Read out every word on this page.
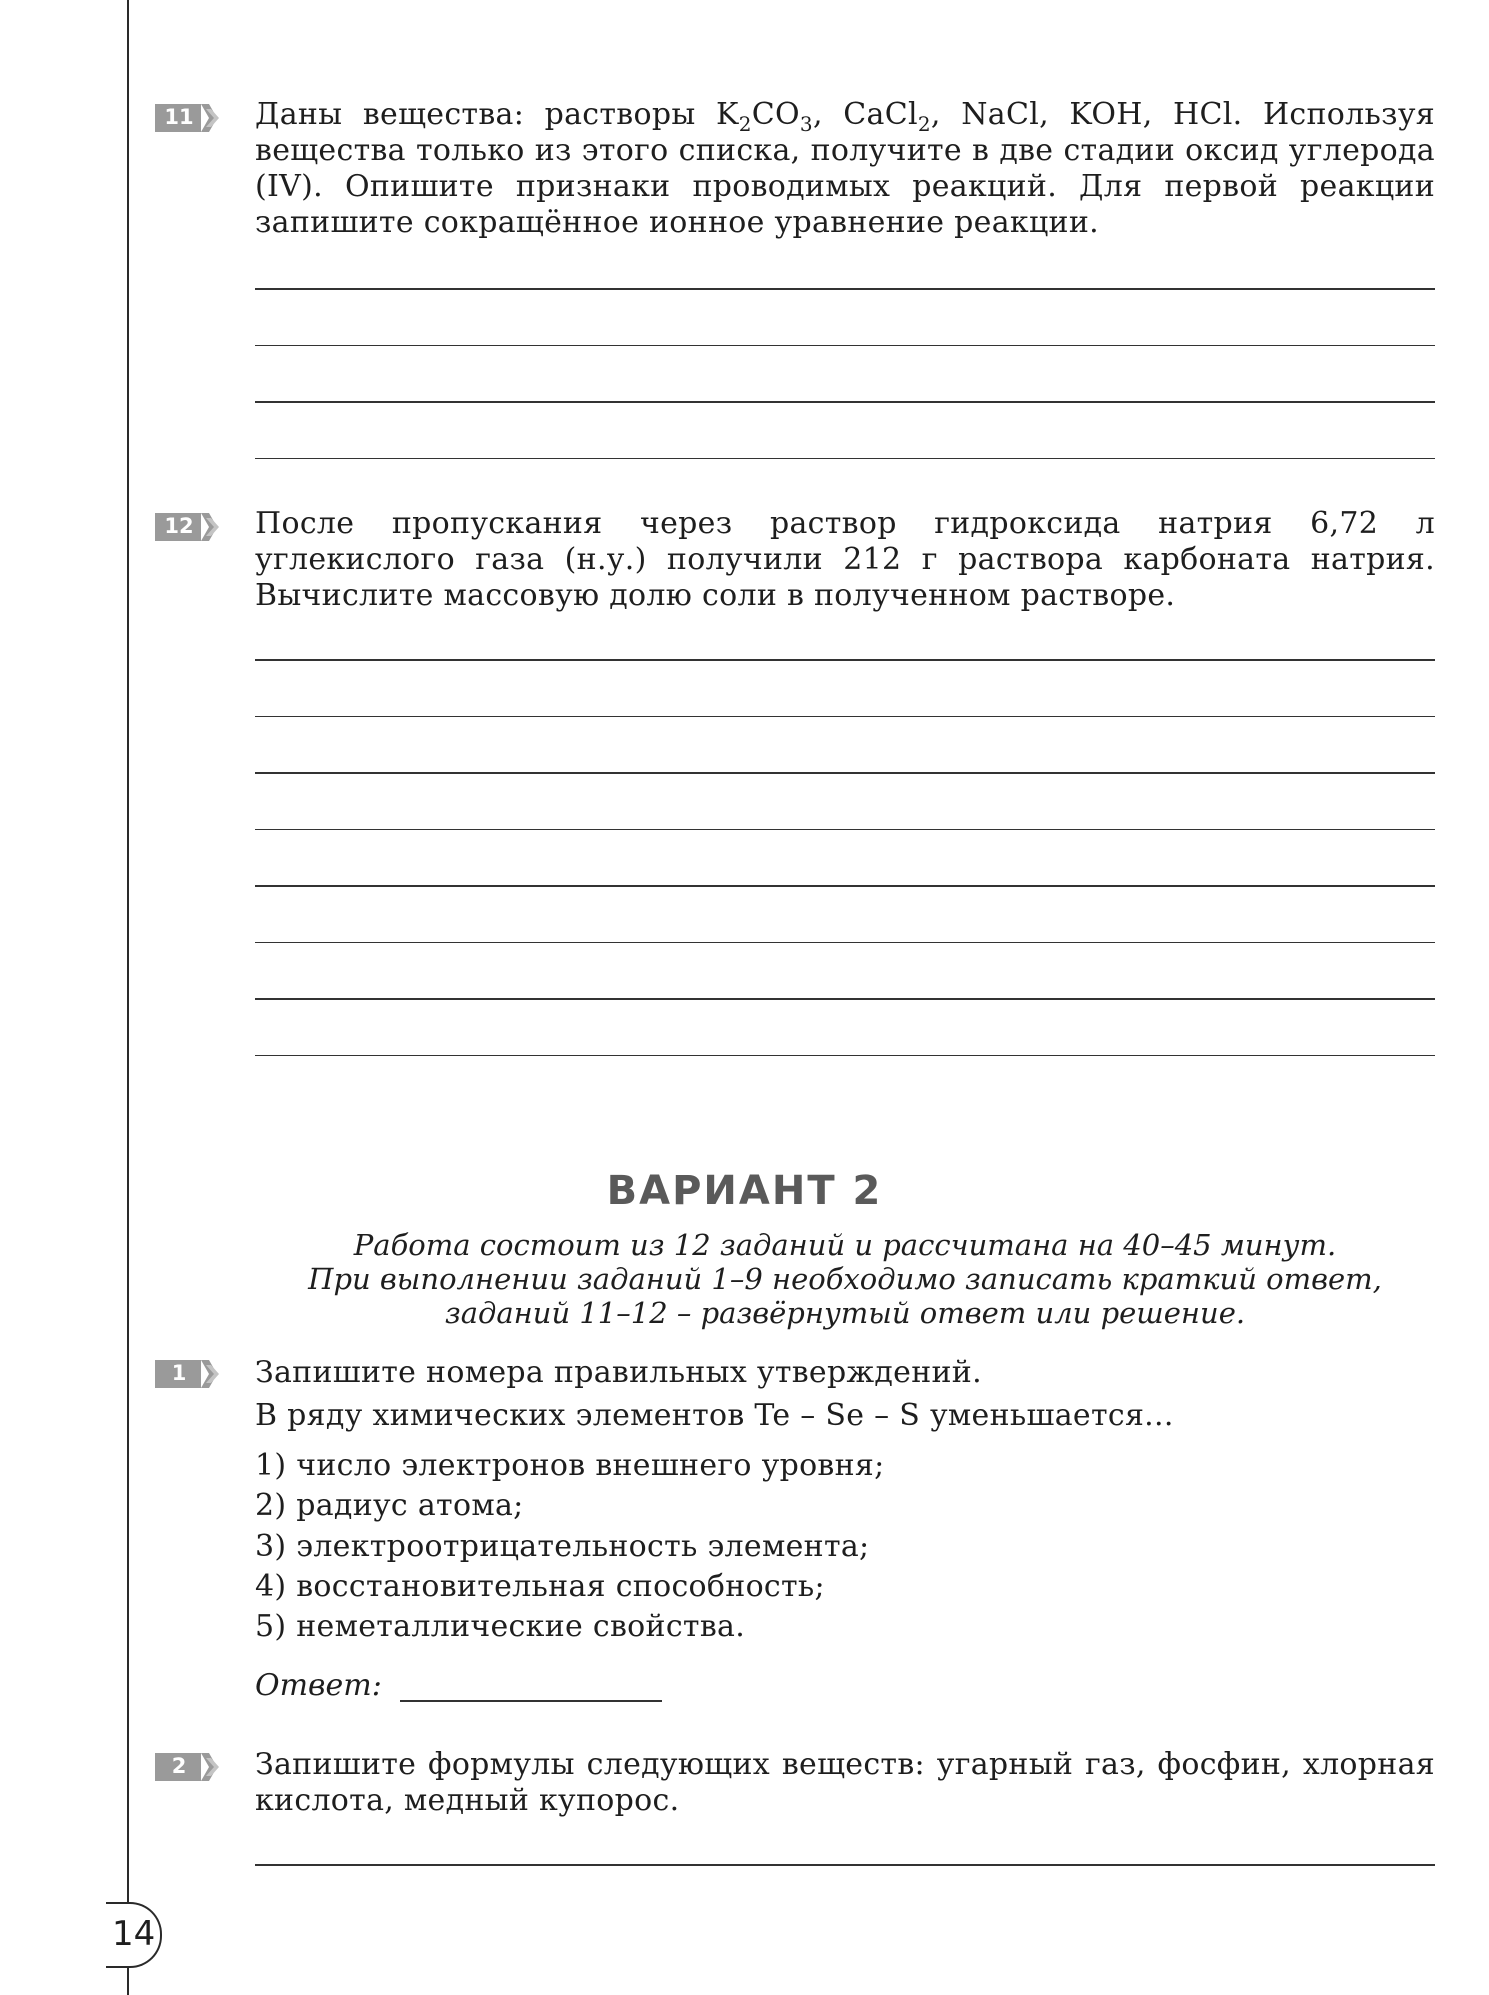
11 Даны вещества: растворы $K_2CO_3$, CaCl$_2$, NaCl, KOH, HCl. Используя вещества только из этого списка, получите в две стадии оксид углерода (IV). Опишите признаки проводимых реакций. Для первой реакции запишите сокращённое ионное уравнение реакции.
12 После пропускания через раствор гидроксида натрия 6,72 л углекислого газа (н.у.) получили 212 г раствора карбоната натрия. Вычислите массовую долю соли в полученном растворе.
ВАРИАНТ 2
Работа состоит из 12 заданий и рассчитана на 40–45 минут.
При выполнении заданий 1–9 необходимо записать краткий ответ,
заданий 11–12 – развёрнутый ответ или решение.
1	Запишите номера правильных утверждений.
В ряду химических элементов Te – Se – S уменьшается...
1) число электронов внешнего уровня;
2) радиус атома;
3) электроотрицательность элемента;
4) восстановительная способность;
5) неметаллические свойства.
Ответ:
2	Запишите формулы следующих веществ: угарный газ, фосфин, хлорная кислота, медный купорос.
14
